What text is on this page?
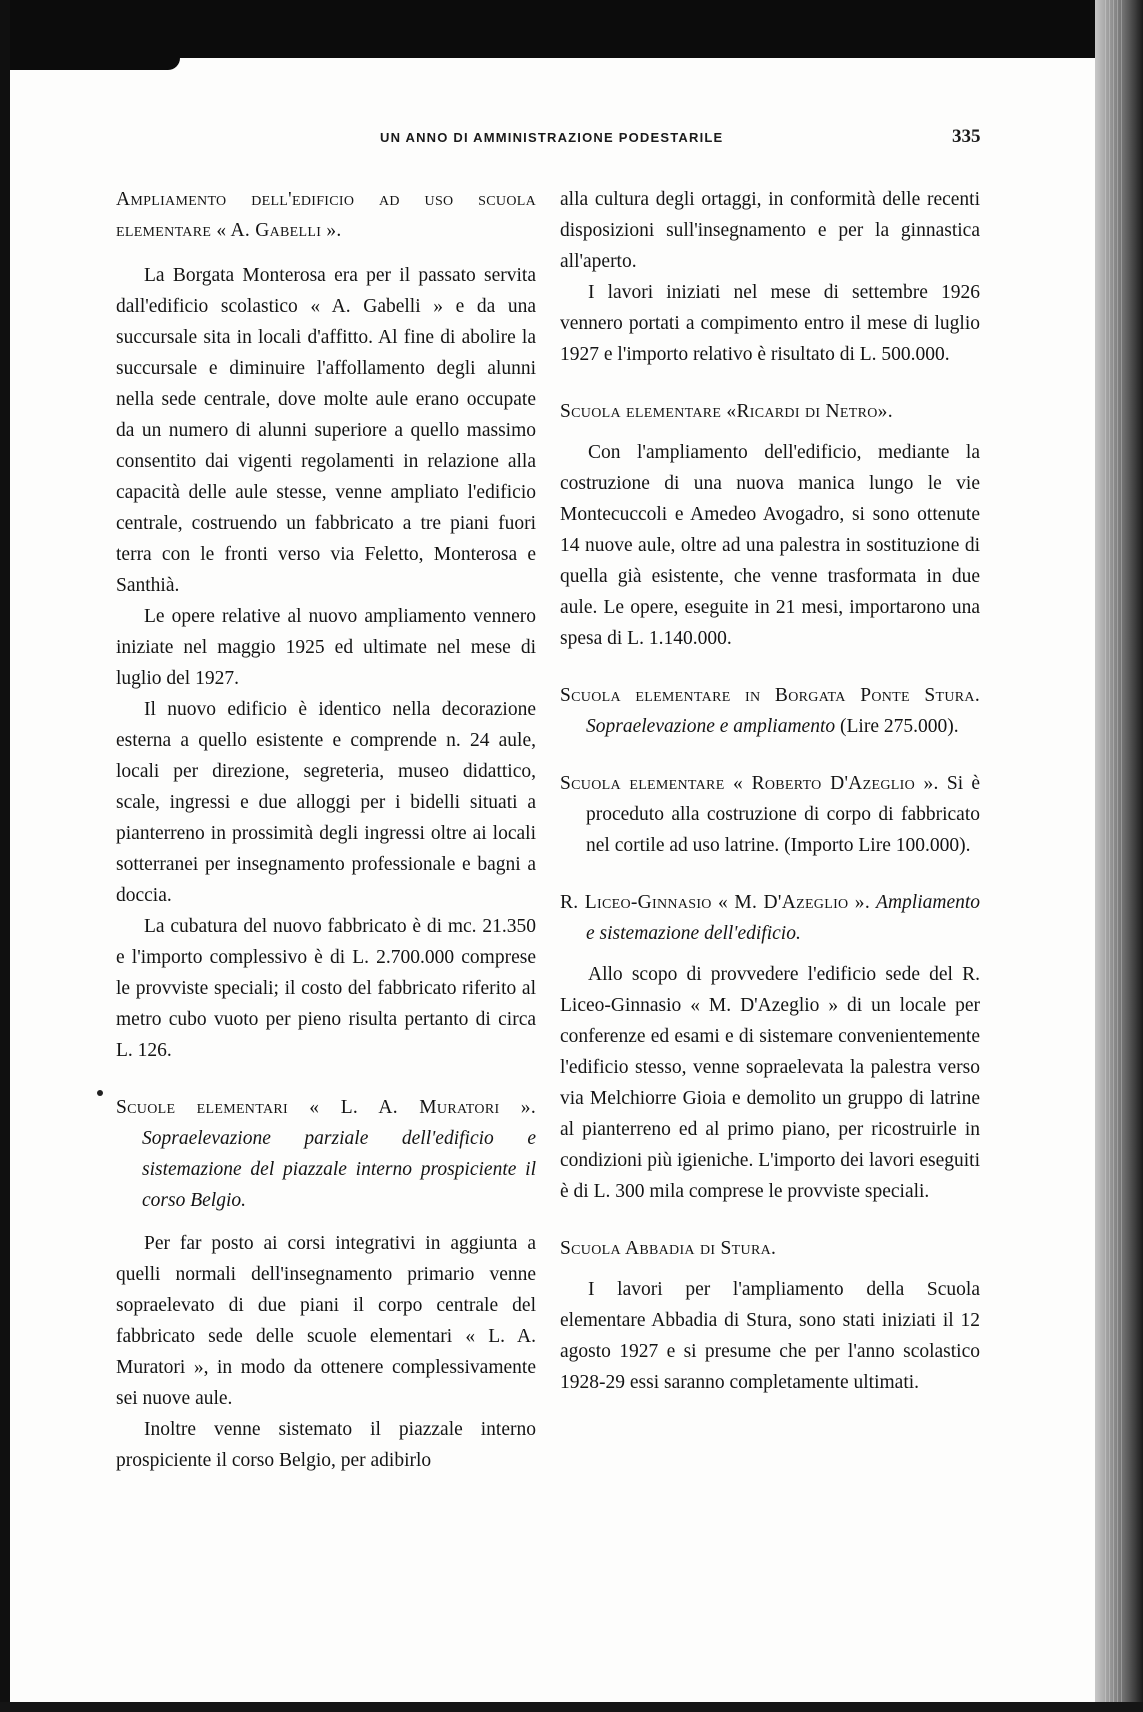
UN ANNO DI AMMINISTRAZIONE PODESTARILE	335

Ampliamento dell'edificio ad uso scuola elementare « A. Gabelli ».

La Borgata Monterosa era per il passato servita dall'edificio scolastico « A. Gabelli » e da una succursale sita in locali d'affitto. Al fine di abolire la succursale e diminuire l'affollamento degli alunni nella sede centrale, dove molte aule erano occupate da un numero di alunni superiore a quello massimo consentito dai vigenti regolamenti in relazione alla capacità delle aule stesse, venne ampliato l'edificio centrale, costruendo un fabbricato a tre piani fuori terra con le fronti verso via Feletto, Monterosa e Santhià.

Le opere relative al nuovo ampliamento vennero iniziate nel maggio 1925 ed ultimate nel mese di luglio del 1927.

Il nuovo edificio è identico nella decorazione esterna a quello esistente e comprende n. 24 aule, locali per direzione, segreteria, museo didattico, scale, ingressi e due alloggi per i bidelli situati a pianterreno in prossimità degli ingressi oltre ai locali sotterranei per insegnamento professionale e bagni a doccia.

La cubatura del nuovo fabbricato è di mc. 21.350 e l'importo complessivo è di L. 2.700.000 comprese le provviste speciali; il costo del fabbricato riferito al metro cubo vuoto per pieno risulta pertanto di circa L. 126.

Scuole elementari « L. A. Muratori ». Sopraelevazione parziale dell'edificio e sistemazione del piazzale interno prospiciente il corso Belgio.

Per far posto ai corsi integrativi in aggiunta a quelli normali dell'insegnamento primario venne sopraelevato di due piani il corpo centrale del fabbricato sede delle scuole elementari « L. A. Muratori », in modo da ottenere complessivamente sei nuove aule.

Inoltre venne sistemato il piazzale interno prospiciente il corso Belgio, per adibirlo

alla cultura degli ortaggi, in conformità delle recenti disposizioni sull'insegnamento e per la ginnastica all'aperto.

I lavori iniziati nel mese di settembre 1926 vennero portati a compimento entro il mese di luglio 1927 e l'importo relativo è risultato di L. 500.000.

Scuola elementare «Ricardi di Netro».

Con l'ampliamento dell'edificio, mediante la costruzione di una nuova manica lungo le vie Montecuccoli e Amedeo Avogadro, si sono ottenute 14 nuove aule, oltre ad una palestra in sostituzione di quella già esistente, che venne trasformata in due aule. Le opere, eseguite in 21 mesi, importarono una spesa di L. 1.140.000.

Scuola elementare in Borgata Ponte Stura. Sopraelevazione e ampliamento (Lire 275.000).

Scuola elementare « Roberto D'Azeglio ». Si è proceduto alla costruzione di corpo di fabbricato nel cortile ad uso latrine. (Importo Lire 100.000).

R. Liceo-Ginnasio « M. D'Azeglio ». Ampliamento e sistemazione dell'edificio.

Allo scopo di provvedere l'edificio sede del R. Liceo-Ginnasio « M. D'Azeglio » di un locale per conferenze ed esami e di sistemare convenientemente l'edificio stesso, venne sopraelevata la palestra verso via Melchiorre Gioia e demolito un gruppo di latrine al pianterreno ed al primo piano, per ricostruirle in condizioni più igieniche. L'importo dei lavori eseguiti è di L. 300 mila comprese le provviste speciali.

Scuola Abbadia di Stura.

I lavori per l'ampliamento della Scuola elementare Abbadia di Stura, sono stati iniziati il 12 agosto 1927 e si presume che per l'anno scolastico 1928-29 essi saranno completamente ultimati.
